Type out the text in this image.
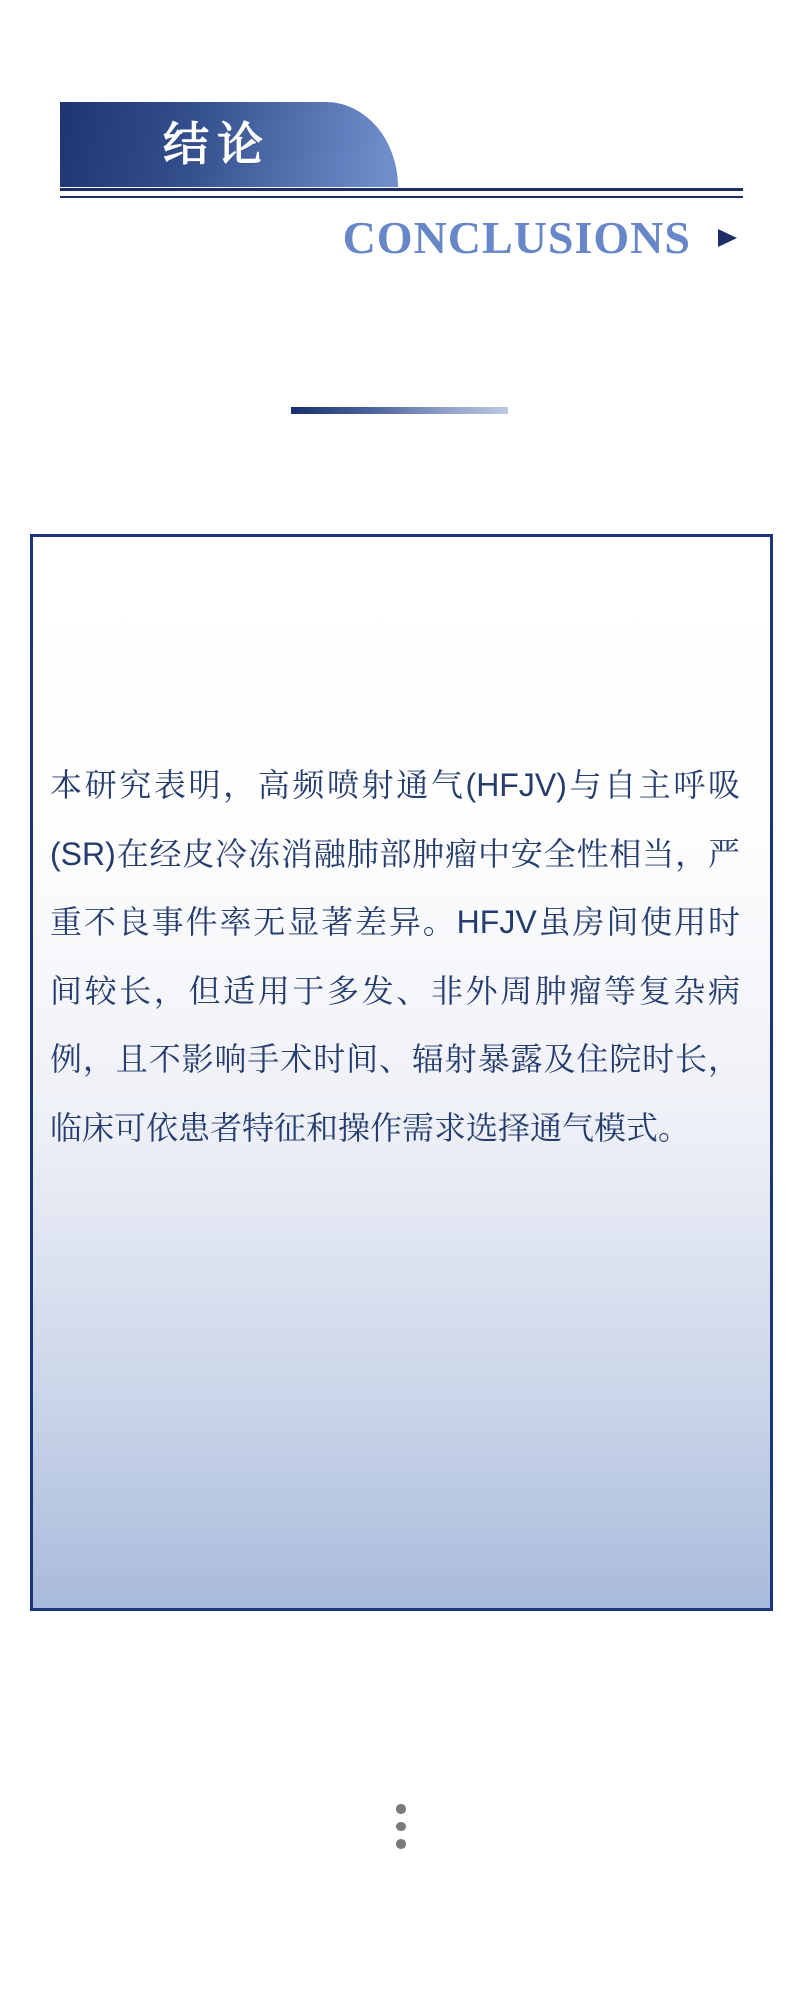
结论
CONCLUSIONS
本研究表明，高频喷射通气(HFJV)与自主呼吸
(SR)在经皮冷冻消融肺部肿瘤中安全性相当，严
重不良事件率无显著差异。HFJV虽房间使用时
间较长，但适用于多发、非外周肿瘤等复杂病
例，且不影响手术时间、辐射暴露及住院时长，
临床可依患者特征和操作需求选择通气模式。
